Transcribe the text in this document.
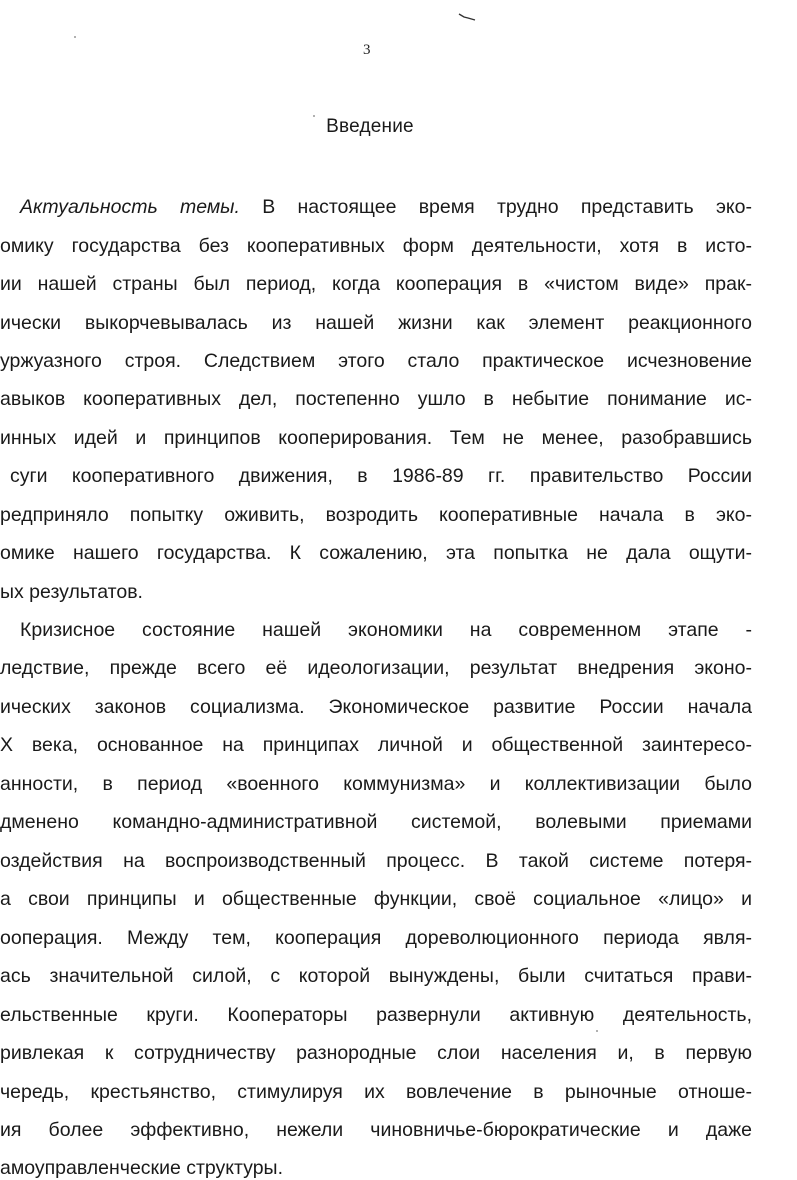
3
Введение
Актуальность темы. В настоящее время трудно представить эко-
омику государства без кооперативных форм деятельности, хотя в исто-
ии нашей страны был период, когда кооперация в «чистом виде» прак-
ически выкорчевывалась из нашей жизни как элемент реакционного
уржуазного строя. Следствием этого стало практическое исчезновение
авыков кооперативных дел, постепенно ушло в небытие понимание ис-
инных идей и принципов кооперирования. Тем не менее, разобравшись
суги кооперативного движения, в 1986-89 гг. правительство России
редприняло попытку оживить, возродить кооперативные начала в эко-
омике нашего государства. К сожалению, эта попытка не дала ощути-
ых результатов.
Кризисное состояние нашей экономики на современном этапе -
ледствие, прежде всего её идеологизации, результат внедрения эконо-
ических законов социализма. Экономическое развитие России начала
Х века, основанное на принципах личной и общественной заинтересо-
анности, в период «военного коммунизма» и коллективизации было
дменено командно-административной системой, волевыми приемами
оздействия на воспроизводственный процесс. В такой системе потеря-
а свои принципы и общественные функции, своё социальное «лицо» и
ооперация. Между тем, кооперация дореволюционного периода явля-
ась значительной силой, с которой вынуждены, были считаться прави-
ельственные круги. Кооператоры развернули активную деятельность,
ривлекая к сотрудничеству разнородные слои населения и, в первую
чередь, крестьянство, стимулируя их вовлечение в рыночные отноше-
ия более эффективно, нежели чиновничье-бюрократические и даже
амоуправленческие структуры.
